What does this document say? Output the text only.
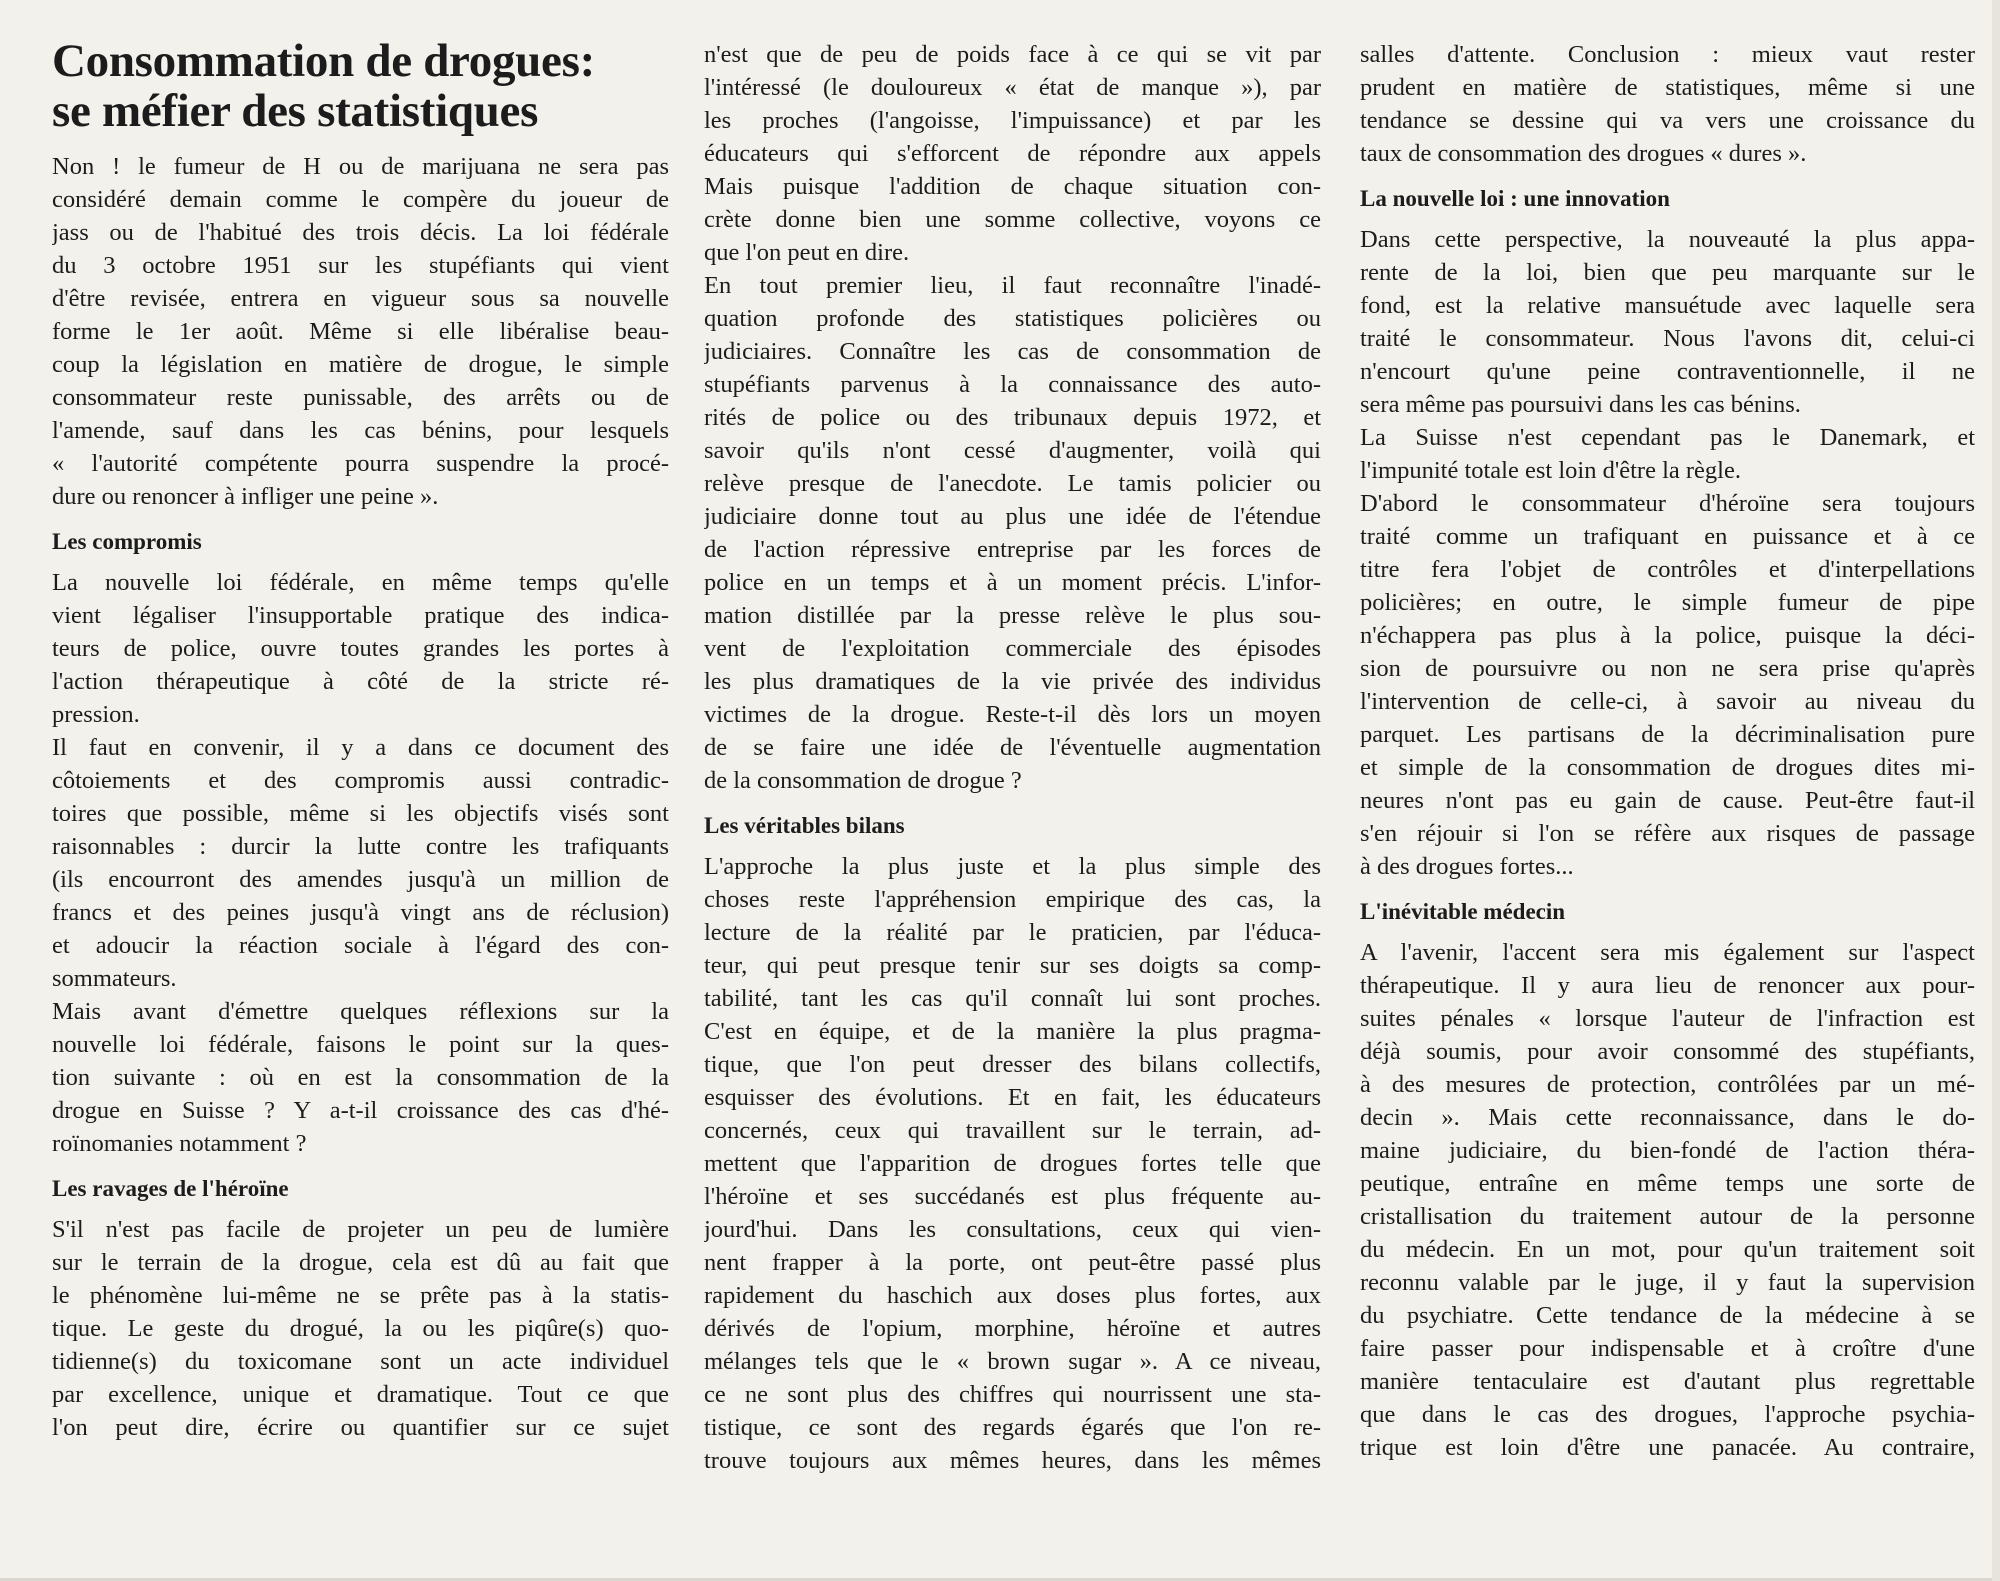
Consommation de drogues:
se méfier des statistiques
Non ! le fumeur de H ou de marijuana ne sera pas
considéré demain comme le compère du joueur de
jass ou de l'habitué des trois décis. La loi fédérale
du 3 octobre 1951 sur les stupéfiants qui vient
d'être revisée, entrera en vigueur sous sa nouvelle
forme le 1er août. Même si elle libéralise beau-
coup la législation en matière de drogue, le simple
consommateur reste punissable, des arrêts ou de
l'amende, sauf dans les cas bénins, pour lesquels
« l'autorité compétente pourra suspendre la procé-
dure ou renoncer à infliger une peine ».
Les compromis
La nouvelle loi fédérale, en même temps qu'elle
vient légaliser l'insupportable pratique des indica-
teurs de police, ouvre toutes grandes les portes à
l'action thérapeutique à côté de la stricte ré-
pression.
Il faut en convenir, il y a dans ce document des
côtoiements et des compromis aussi contradic-
toires que possible, même si les objectifs visés sont
raisonnables : durcir la lutte contre les trafiquants
(ils encourront des amendes jusqu'à un million de
francs et des peines jusqu'à vingt ans de réclusion)
et adoucir la réaction sociale à l'égard des con-
sommateurs.
Mais avant d'émettre quelques réflexions sur la
nouvelle loi fédérale, faisons le point sur la ques-
tion suivante : où en est la consommation de la
drogue en Suisse ? Y a-t-il croissance des cas d'hé-
roïnomanies notamment ?
Les ravages de l'héroïne
S'il n'est pas facile de projeter un peu de lumière
sur le terrain de la drogue, cela est dû au fait que
le phénomène lui-même ne se prête pas à la statis-
tique. Le geste du drogué, la ou les piqûre(s) quo-
tidienne(s) du toxicomane sont un acte individuel
par excellence, unique et dramatique. Tout ce que
l'on peut dire, écrire ou quantifier sur ce sujet
n'est que de peu de poids face à ce qui se vit par
l'intéressé (le douloureux « état de manque »), par
les proches (l'angoisse, l'impuissance) et par les
éducateurs qui s'efforcent de répondre aux appels
Mais puisque l'addition de chaque situation con-
crète donne bien une somme collective, voyons ce
que l'on peut en dire.
En tout premier lieu, il faut reconnaître l'inadé-
quation profonde des statistiques policières ou
judiciaires. Connaître les cas de consommation de
stupéfiants parvenus à la connaissance des auto-
rités de police ou des tribunaux depuis 1972, et
savoir qu'ils n'ont cessé d'augmenter, voilà qui
relève presque de l'anecdote. Le tamis policier ou
judiciaire donne tout au plus une idée de l'étendue
de l'action répressive entreprise par les forces de
police en un temps et à un moment précis. L'infor-
mation distillée par la presse relève le plus sou-
vent de l'exploitation commerciale des épisodes
les plus dramatiques de la vie privée des individus
victimes de la drogue. Reste-t-il dès lors un moyen
de se faire une idée de l'éventuelle augmentation
de la consommation de drogue ?
Les véritables bilans
L'approche la plus juste et la plus simple des
choses reste l'appréhension empirique des cas, la
lecture de la réalité par le praticien, par l'éduca-
teur, qui peut presque tenir sur ses doigts sa comp-
tabilité, tant les cas qu'il connaît lui sont proches.
C'est en équipe, et de la manière la plus pragma-
tique, que l'on peut dresser des bilans collectifs,
esquisser des évolutions. Et en fait, les éducateurs
concernés, ceux qui travaillent sur le terrain, ad-
mettent que l'apparition de drogues fortes telle que
l'héroïne et ses succédanés est plus fréquente au-
jourd'hui. Dans les consultations, ceux qui vien-
nent frapper à la porte, ont peut-être passé plus
rapidement du haschich aux doses plus fortes, aux
dérivés de l'opium, morphine, héroïne et autres
mélanges tels que le « brown sugar ». A ce niveau,
ce ne sont plus des chiffres qui nourrissent une sta-
tistique, ce sont des regards égarés que l'on re-
trouve toujours aux mêmes heures, dans les mêmes
salles d'attente. Conclusion : mieux vaut rester
prudent en matière de statistiques, même si une
tendance se dessine qui va vers une croissance du
taux de consommation des drogues « dures ».
La nouvelle loi : une innovation
Dans cette perspective, la nouveauté la plus appa-
rente de la loi, bien que peu marquante sur le
fond, est la relative mansuétude avec laquelle sera
traité le consommateur. Nous l'avons dit, celui-ci
n'encourt qu'une peine contraventionnelle, il ne
sera même pas poursuivi dans les cas bénins.
La Suisse n'est cependant pas le Danemark, et
l'impunité totale est loin d'être la règle.
D'abord le consommateur d'héroïne sera toujours
traité comme un trafiquant en puissance et à ce
titre fera l'objet de contrôles et d'interpellations
policières; en outre, le simple fumeur de pipe
n'échappera pas plus à la police, puisque la déci-
sion de poursuivre ou non ne sera prise qu'après
l'intervention de celle-ci, à savoir au niveau du
parquet. Les partisans de la décriminalisation pure
et simple de la consommation de drogues dites mi-
neures n'ont pas eu gain de cause. Peut-être faut-il
s'en réjouir si l'on se réfère aux risques de passage
à des drogues fortes...
L'inévitable médecin
A l'avenir, l'accent sera mis également sur l'aspect
thérapeutique. Il y aura lieu de renoncer aux pour-
suites pénales « lorsque l'auteur de l'infraction est
déjà soumis, pour avoir consommé des stupéfiants,
à des mesures de protection, contrôlées par un mé-
decin ». Mais cette reconnaissance, dans le do-
maine judiciaire, du bien-fondé de l'action théra-
peutique, entraîne en même temps une sorte de
cristallisation du traitement autour de la personne
du médecin. En un mot, pour qu'un traitement soit
reconnu valable par le juge, il y faut la supervision
du psychiatre. Cette tendance de la médecine à se
faire passer pour indispensable et à croître d'une
manière tentaculaire est d'autant plus regrettable
que dans le cas des drogues, l'approche psychia-
trique est loin d'être une panacée. Au contraire,
